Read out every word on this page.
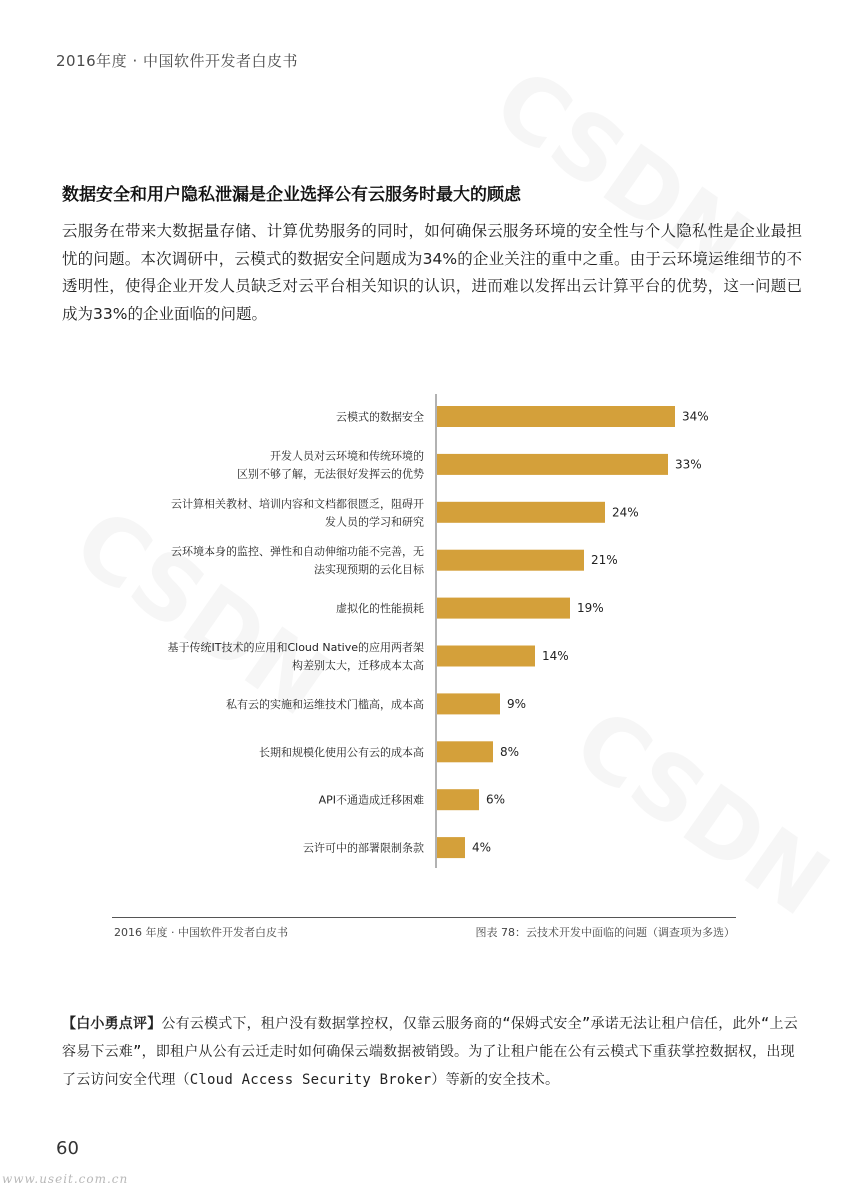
2016年度 · 中国软件开发者白皮书
数据安全和用户隐私泄漏是企业选择公有云服务时最大的顾虑
云服务在带来大数据量存储、计算优势服务的同时，如何确保云服务环境的安全性与个人隐私性是企业最担忧的问题。本次调研中，云模式的数据安全问题成为34%的企业关注的重中之重。由于云环境运维细节的不透明性，使得企业开发人员缺乏对云平台相关知识的认识，进而难以发挥出云计算平台的优势，这一问题已成为33%的企业面临的问题。
34%
云模式的数据安全
33%
开发人员对云环境和传统环境的
区别不够了解，无法很好发挥云的优势
24%
云计算相关教材、培训内容和文档都很匮乏，阻碍开
发人员的学习和研究
21%
云环境本身的监控、弹性和自动伸缩功能不完善，无
法实现预期的云化目标
19%
虚拟化的性能损耗
14%
基于传统IT技术的应用和Cloud Native的应用两者架
构差别太大，迁移成本太高
9%
私有云的实施和运维技术门槛高，成本高
8%
长期和规模化使用公有云的成本高
6%
API不通造成迁移困难
4%
云许可中的部署限制条款
2016 年度 · 中国软件开发者白皮书	图表 78：云技术开发中面临的问题（调查项为多选）
【白小勇点评】公有云模式下，租户没有数据掌控权，仅靠云服务商的“保姆式安全”承诺无法让租户信任，此外“上云容易下云难”，即租户从公有云迁走时如何确保云端数据被销毁。为了让租户能在公有云模式下重获掌控数据权，出现了云访问安全代理（Cloud Access Security Broker）等新的安全技术。
60
www.useit.com.cn
